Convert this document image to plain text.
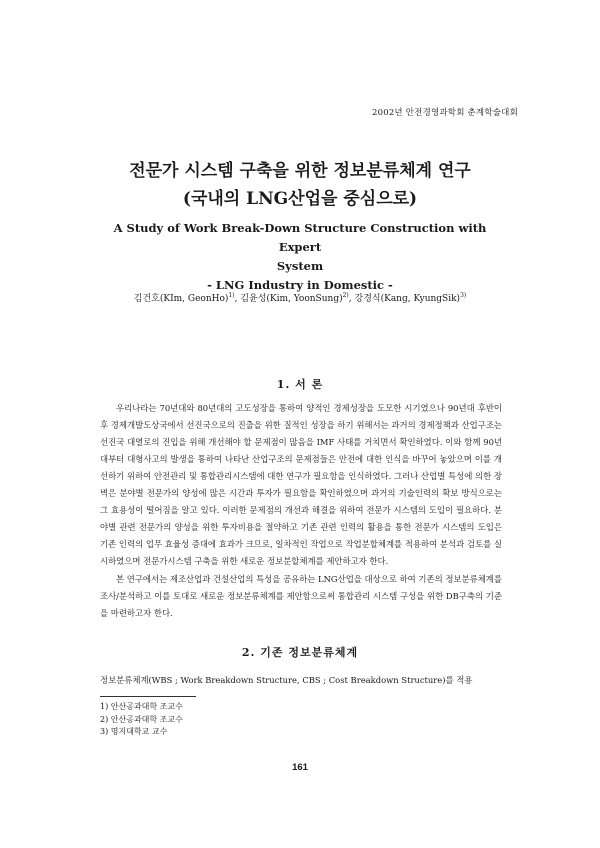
2002년 안전경영과학회 춘계학술대회
전문가 시스템 구축을 위한 정보분류체계 연구
(국내의 LNG산업을 중심으로)
A Study of Work Break-Down Structure Construction with Expert
System
- LNG Industry in Domestic -
김건호(KIm, GeonHo)$^{1)}$, 김윤성(Kim, YoonSung)$^{2)}$, 강경식(Kang, KyungSik)$^{3)}$
1. 서 론

우리나라는 70년대와 80년대의 고도성장을 통하여 양적인 경제성장을 도모한 시기였으나 90년대 후반이후 경제개발도상국에서 선진국으로의 진출을 위한 질적인 성장을 하기 위해서는 과거의 경제정책과 산업구조는 선진국 대열로의 진입을 위해 개선해야 할 문제점이 많음을 IMF 사태를 거치면서 확인하였다. 이와 함께 90년대부터 대형사고의 발생을 통하여 나타난 산업구조의 문제점들은 안전에 대한 인식을 바꾸어 놓았으며 이를 개선하기 위하여 안전관리 및 통합관리시스템에 대한 연구가 필요함을 인식하였다. 그러나 산업별 특성에 의한 장벽은 분야별 전문가의 양성에 많은 시간과 투자가 필요함을 확인하였으며 과거의 기술인력의 확보 방식으로는 그 효용성이 떨어짐을 알고 있다. 이러한 문제점의 개선과 해결을 위하여 전문가 시스템의 도입이 필요하다. 분야별 관련 전문가의 양성을 위한 투자비용을 절약하고 기존 관련 인력의 활용을 통한 전문가 시스템의 도입은 기존 인력의 업무 효율성 증대에 효과가 크므로, 일차적인 작업으로 작업분할체계를 적용하여 분석과 검토를 실시하였으며 전문가시스템 구축을 위한 새로운 정보분할체계를 제안하고자 한다.

본 연구에서는 제조산업과 건설산업의 특성을 공유하는 LNG산업을 대상으로 하여 기존의 정보분류체계를 조사/분석하고 이를 토대로 새로운 정보분류체계를 제안함으로써 통합관리 시스템 구성을 위한 DB구축의 기준을 마련하고자 한다.

2. 기존 정보분류체계

정보분류체계(WBS ; Work Breakdown Structure, CBS ; Cost Breakdown Structure)를 적용

1) 안산공과대학 조교수
2) 안산공과대학 조교수
3) 명지대학교 교수
161
